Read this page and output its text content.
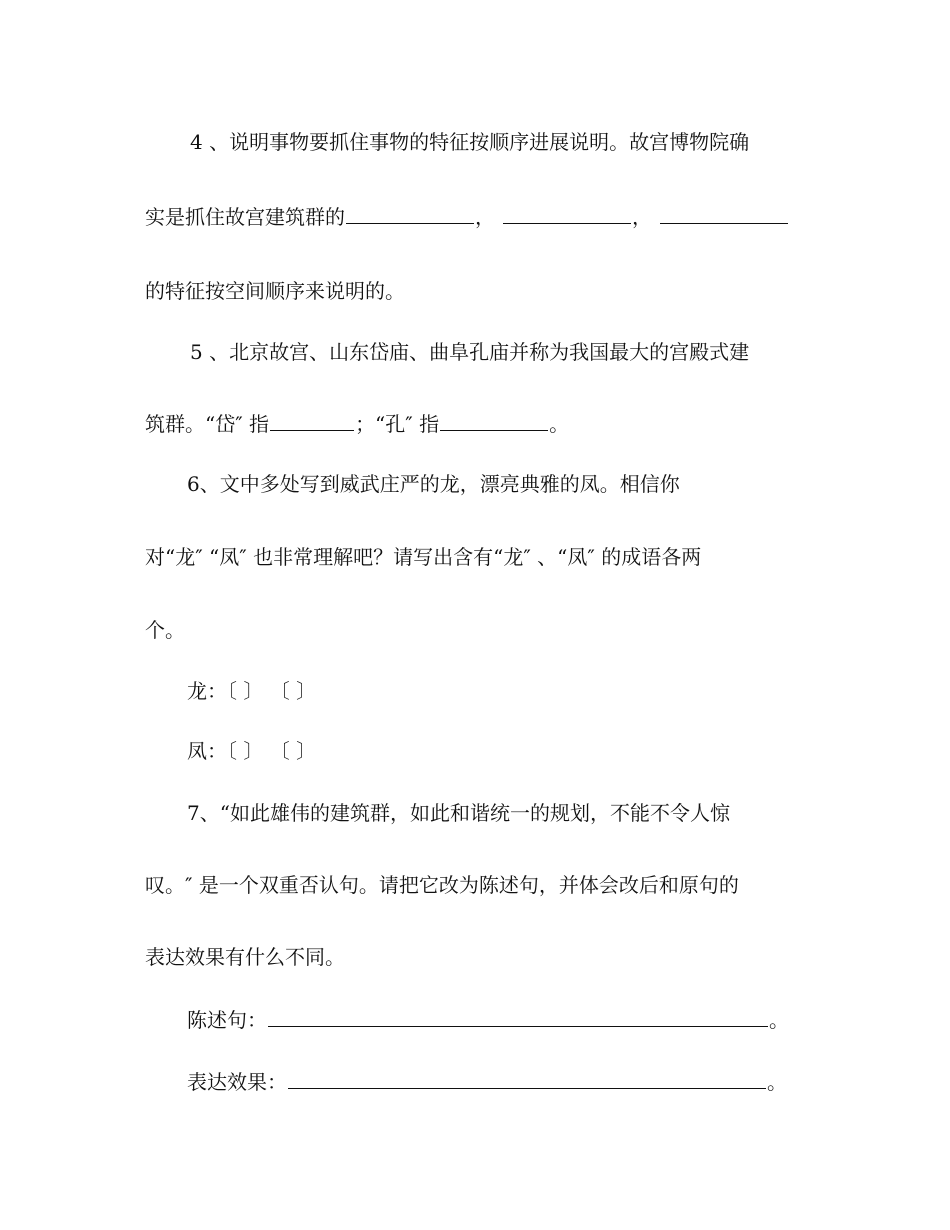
4 、说明事物要抓住事物的特征按顺序进展说明。故宫博物院确
实是抓住故宫建筑群的	，	，
的特征按空间顺序来说明的。
5 、北京故宫、山东岱庙、曲阜孔庙并称为我国最大的宫殿式建
筑群。“岱″ 指	；“孔″ 指	。
6、文中多处写到威武庄严的龙，漂亮典雅的凤。相信你
对“龙″ “凤″ 也非常理解吧？请写出含有“龙″ 、“凤″ 的成语各两
个。
龙：〔 〕 〔 〕
凤：〔 〕 〔 〕
7、“如此雄伟的建筑群，如此和谐统一的规划，不能不令人惊
叹。″ 是一个双重否认句。请把它改为陈述句，并体会改后和原句的
表达效果有什么不同。
陈述句：	。
表达效果：	。
